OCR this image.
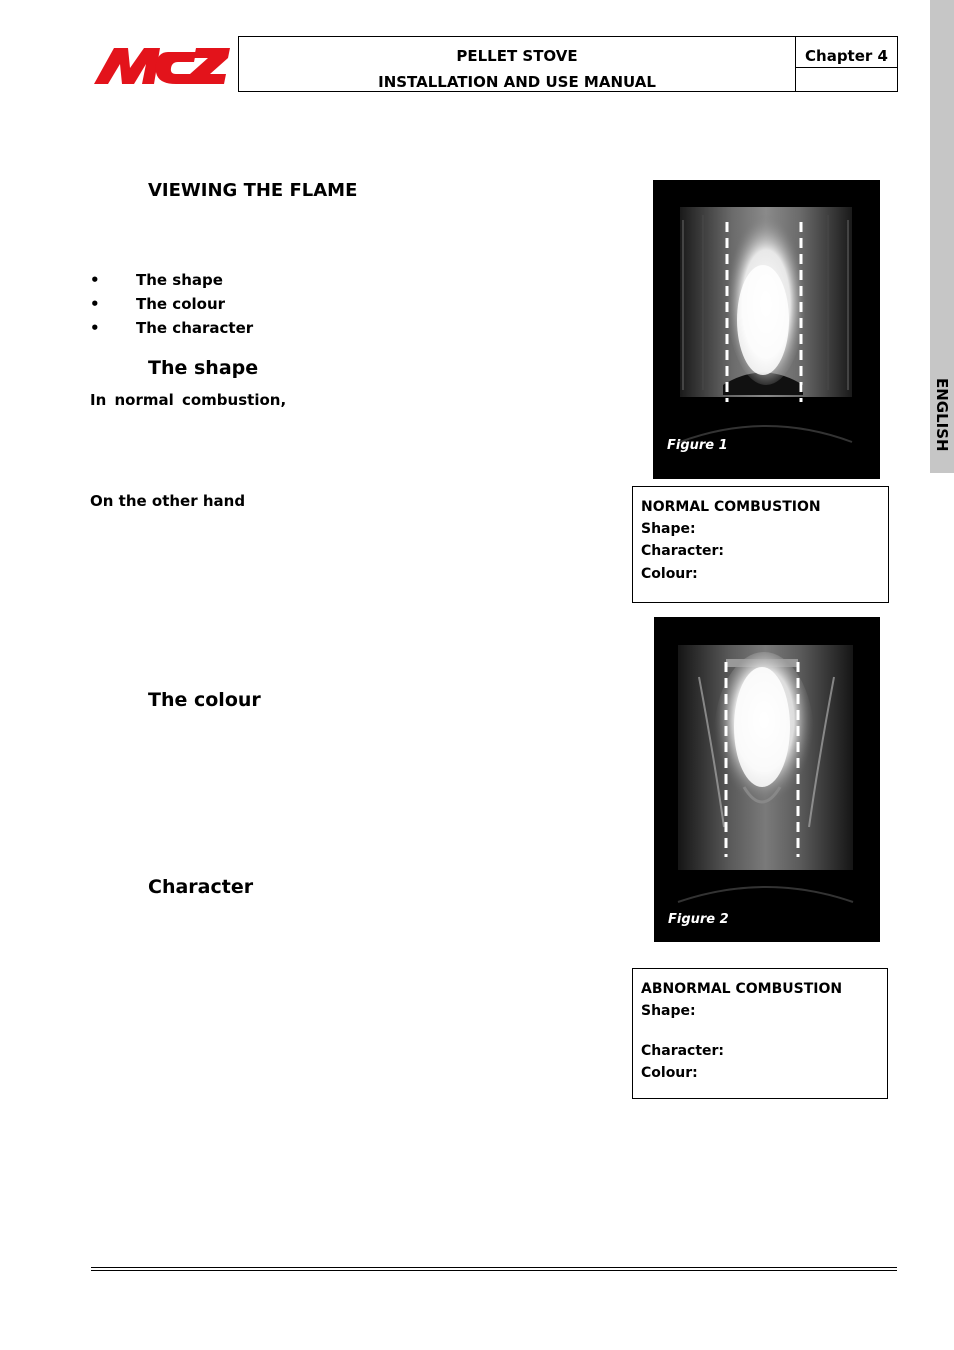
PELLET STOVE
INSTALLATION AND USE MANUAL
Chapter 4
ENGLISH
VIEWING THE FLAME
• The shape
• The colour
• The character
The shape
In normal combustion,
On the other hand
The colour
Character
Figure 1
NORMAL COMBUSTION
Shape:
Character:
Colour:
Figure 2
ABNORMAL COMBUSTION
Shape:
Character:
Colour:
